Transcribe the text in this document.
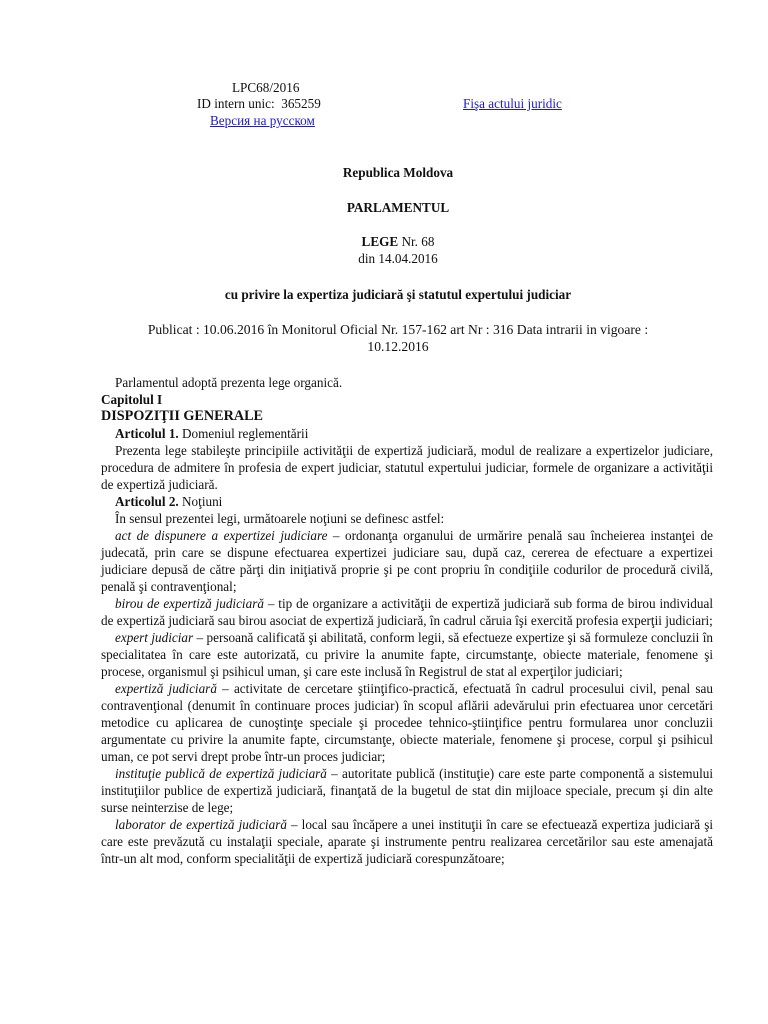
LPC68/2016
ID intern unic: 365259	Fişa actului juridic
Версия на русском
Republica Moldova
PARLAMENTUL
LEGE Nr. 68
din 14.04.2016
cu privire la expertiza judiciară şi statutul expertului judiciar
Publicat : 10.06.2016 în Monitorul Oficial Nr. 157-162 art Nr : 316 Data intrarii in vigoare :
10.12.2016

Parlamentul adoptă prezenta lege organică.

Capitolul I

DISPOZIŢII GENERALE

Articolul 1. Domeniul reglementării

Prezenta lege stabileşte principiile activităţii de expertiză judiciară, modul de realizare a expertizelor judiciare, procedura de admitere în profesia de expert judiciar, statutul expertului judiciar, formele de organizare a activităţii de expertiză judiciară.

Articolul 2. Noţiuni

În sensul prezentei legi, următoarele noţiuni se definesc astfel:

act de dispunere a expertizei judiciare – ordonanţa organului de urmărire penală sau încheierea instanţei de judecată, prin care se dispune efectuarea expertizei judiciare sau, după caz, cererea de efectuare a expertizei judiciare depusă de către părţi din iniţiativă proprie şi pe cont propriu în condiţiile codurilor de procedură civilă, penală şi contravenţional;

birou de expertiză judiciară – tip de organizare a activităţii de expertiză judiciară sub forma de birou individual de expertiză judiciară sau birou asociat de expertiză judiciară, în cadrul căruia îşi exercită profesia experţii judiciari;

expert judiciar – persoană calificată şi abilitată, conform legii, să efectueze expertize şi să formuleze concluzii în specialitatea în care este autorizată, cu privire la anumite fapte, circumstanţe, obiecte materiale, fenomene şi procese, organismul şi psihicul uman, şi care este inclusă în Registrul de stat al experţilor judiciari;

expertiză judiciară – activitate de cercetare ştiinţifico-practică, efectuată în cadrul procesului civil, penal sau contravenţional (denumit în continuare proces judiciar) în scopul aflării adevărului prin efectuarea unor cercetări metodice cu aplicarea de cunoştinţe speciale şi procedee tehnico-ştiinţifice pentru formularea unor concluzii argumentate cu privire la anumite fapte, circumstanţe, obiecte materiale, fenomene şi procese, corpul şi psihicul uman, ce pot servi drept probe într-un proces judiciar;

instituţie publică de expertiză judiciară – autoritate publică (instituţie) care este parte componentă a sistemului instituţiilor publice de expertiză judiciară, finanţată de la bugetul de stat din mijloace speciale, precum şi din alte surse neinterzise de lege;

laborator de expertiză judiciară – local sau încăpere a unei instituţii în care se efectuează expertiza judiciară şi care este prevăzută cu instalaţii speciale, aparate şi instrumente pentru realizarea cercetărilor sau este amenajată într-un alt mod, conform specialităţii de expertiză judiciară corespunzătoare;
